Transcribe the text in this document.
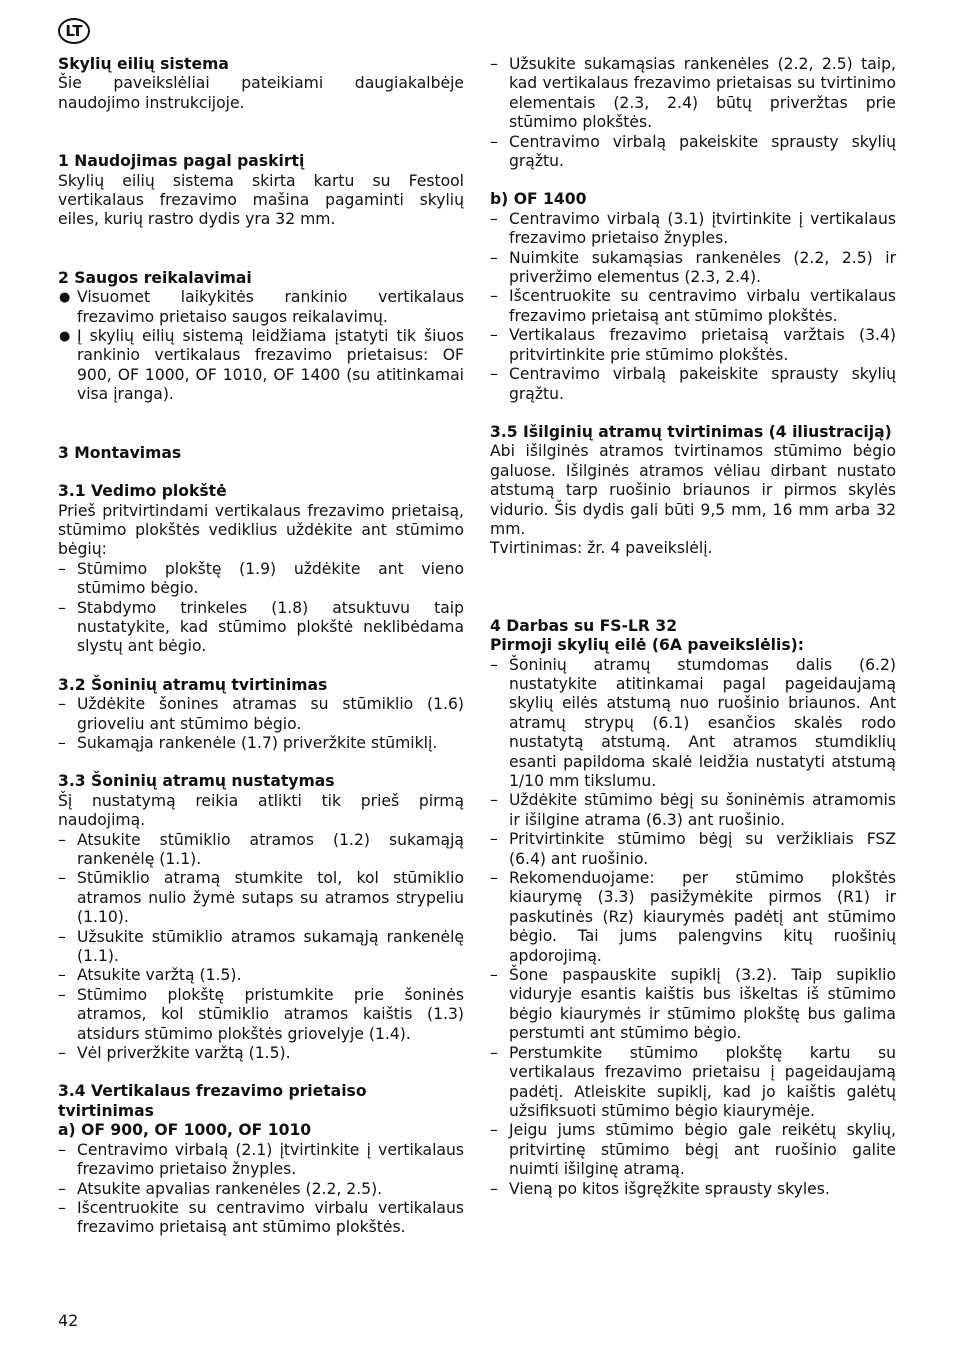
LT
Skylių eilių sistema

Šie paveikslėliai pateikiami daugiakalbėje naudojimo instrukcijoje.

1 Naudojimas pagal paskirtį

Skylių eilių sistema skirta kartu su Festool vertikalaus frezavimo mašina pagaminti skylių eiles, kurių rastro dydis yra 32 mm.

2 Saugos reikalavimai
● Visuomet laikykitės rankinio vertikalaus frezavimo prietaiso saugos reikalavimų.
● Į skylių eilių sistemą leidžiama įstatyti tik šiuos rankinio vertikalaus frezavimo prietaisus: OF 900, OF 1000, OF 1010, OF 1400 (su atitinkamai visa įranga).
3 Montavimas
3.1 Vedimo plokštė

Prieš pritvirtindami vertikalaus frezavimo prietaisą, stūmimo plokštės vediklius uždėkite ant stūmimo bėgių:

– Stūmimo plokštę (1.9) uždėkite ant vieno stūmimo bėgio.
– Stabdymo trinkeles (1.8) atsuktuvu taip nustatykite, kad stūmimo plokštė neklibėdama slystų ant bėgio.
3.2 Šoninių atramų tvirtinimas
– Uždėkite šonines atramas su stūmiklio (1.6) grioveliu ant stūmimo bėgio.
– Sukamąja rankenėle (1.7) priveržkite stūmiklį.
3.3 Šoninių atramų nustatymas

Šį nustatymą reikia atlikti tik prieš pirmą naudojimą.

– Atsukite stūmiklio atramos (1.2) sukamąją rankenėlę (1.1).
– Stūmiklio atramą stumkite tol, kol stūmiklio atramos nulio žymė sutaps su atramos strypeliu (1.10).
– Užsukite stūmiklio atramos sukamąją rankenėlę (1.1).
– Atsukite varžtą (1.5).
– Stūmimo plokštę pristumkite prie šoninės atramos, kol stūmiklio atramos kaištis (1.3) atsidurs stūmimo plokštės griovelyje (1.4).
– Vėl priveržkite varžtą (1.5).
3.4 Vertikalaus frezavimo prietaiso tvirtinimas
a) OF 900, OF 1000, OF 1010
– Centravimo virbalą (2.1) įtvirtinkite į vertikalaus frezavimo prietaiso žnyples.
– Atsukite apvalias rankenėles (2.2, 2.5).
– Išcentruokite su centravimo virbalu vertikalaus frezavimo prietaisą ant stūmimo plokštės.
– Užsukite sukamąsias rankenėles (2.2, 2.5) taip, kad vertikalaus frezavimo prietaisas su tvirtinimo elementais (2.3, 2.4) būtų priveržtas prie stūmimo plokštės.
– Centravimo virbalą pakeiskite sprausty skylių grąžtu.
b) OF 1400
– Centravimo virbalą (3.1) įtvirtinkite į vertikalaus frezavimo prietaiso žnyples.
– Nuimkite sukamąsias rankenėles (2.2, 2.5) ir priveržimo elementus (2.3, 2.4).
– Išcentruokite su centravimo virbalu vertikalaus frezavimo prietaisą ant stūmimo plokštės.
– Vertikalaus frezavimo prietaisą varžtais (3.4) pritvirtinkite prie stūmimo plokštės.
– Centravimo virbalą pakeiskite sprausty skylių grąžtu.
3.5 Išilginių atramų tvirtinimas (4 iliustraciją)

Abi išilginės atramos tvirtinamos stūmimo bėgio galuose. Išilginės atramos vėliau dirbant nustato atstumą tarp ruošinio briaunos ir pirmos skylės vidurio. Šis dydis gali būti 9,5 mm, 16 mm arba 32 mm.

Tvirtinimas: žr. 4 paveikslėlį.

4 Darbas su FS-LR 32
Pirmoji skylių eilė (6A paveikslėlis):
– Šoninių atramų stumdomas dalis (6.2) nustatykite atitinkamai pagal pageidaujamą skylių eilės atstumą nuo ruošinio briaunos. Ant atramų strypų (6.1) esančios skalės rodo nustatytą atstumą. Ant atramos stumdiklių esanti papildoma skalė leidžia nustatyti atstumą 1/10 mm tikslumu.
– Uždėkite stūmimo bėgį su šoninėmis atramomis ir išilgine atrama (6.3) ant ruošinio.
– Pritvirtinkite stūmimo bėgį su veržikliais FSZ (6.4) ant ruošinio.
– Rekomenduojame: per stūmimo plokštės kiaurymę (3.3) pasižymėkite pirmos (R1) ir paskutinės (Rz) kiaurymės padėtį ant stūmimo bėgio. Tai jums palengvins kitų ruošinių apdorojimą.
– Šone paspauskite supiklį (3.2). Taip supiklio viduryje esantis kaištis bus iškeltas iš stūmimo bėgio kiaurymės ir stūmimo plokštę bus galima perstumti ant stūmimo bėgio.
– Perstumkite stūmimo plokštę kartu su vertikalaus frezavimo prietaisu į pageidaujamą padėtį. Atleiskite supiklį, kad jo kaištis galėtų užsifiksuoti stūmimo bėgio kiaurymėje.
– Jeigu jums stūmimo bėgio gale reikėtų skylių, pritvirtinę stūmimo bėgį ant ruošinio galite nuimti išilginę atramą.
– Vieną po kitos išgręžkite sprausty skyles.
42
